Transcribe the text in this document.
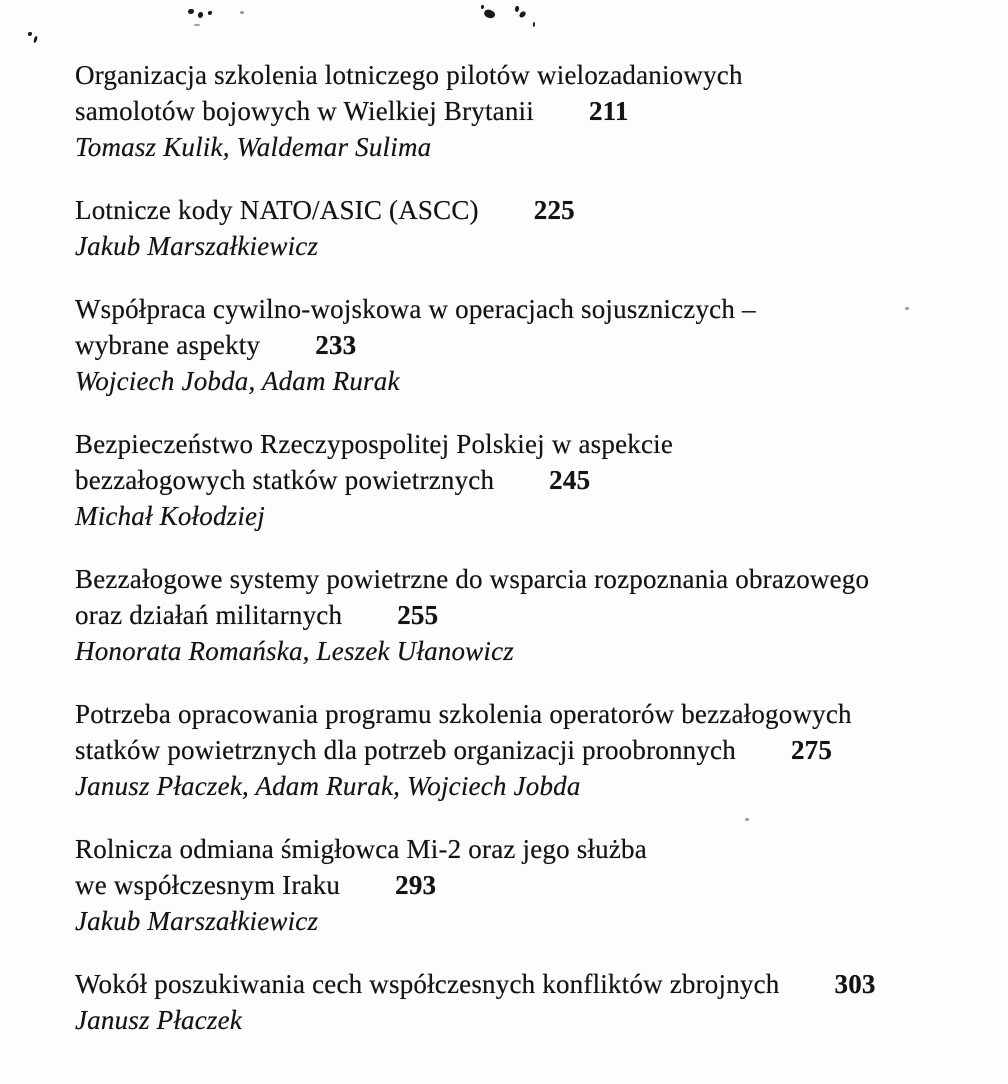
Organizacja szkolenia lotniczego pilotów wielozadaniowych
samolotów bojowych w Wielkiej Brytanii 211

Tomasz Kulik, Waldemar Sulima

Lotnicze kody NATO/ASIC (ASCC) 225

Jakub Marszałkiewicz

Współpraca cywilno-wojskowa w operacjach sojuszniczych –
wybrane aspekty 233

Wojciech Jobda, Adam Rurak

Bezpieczeństwo Rzeczypospolitej Polskiej w aspekcie
bezzałogowych statków powietrznych 245

Michał Kołodziej

Bezzałogowe systemy powietrzne do wsparcia rozpoznania obrazowego
oraz działań militarnych 255

Honorata Romańska, Leszek Ułanowicz

Potrzeba opracowania programu szkolenia operatorów bezzałogowych
statków powietrznych dla potrzeb organizacji proobronnych 275

Janusz Płaczek, Adam Rurak, Wojciech Jobda

Rolnicza odmiana śmigłowca Mi-2 oraz jego służba
we współczesnym Iraku 293

Jakub Marszałkiewicz

Wokół poszukiwania cech współczesnych konfliktów zbrojnych 303

Janusz Płaczek
